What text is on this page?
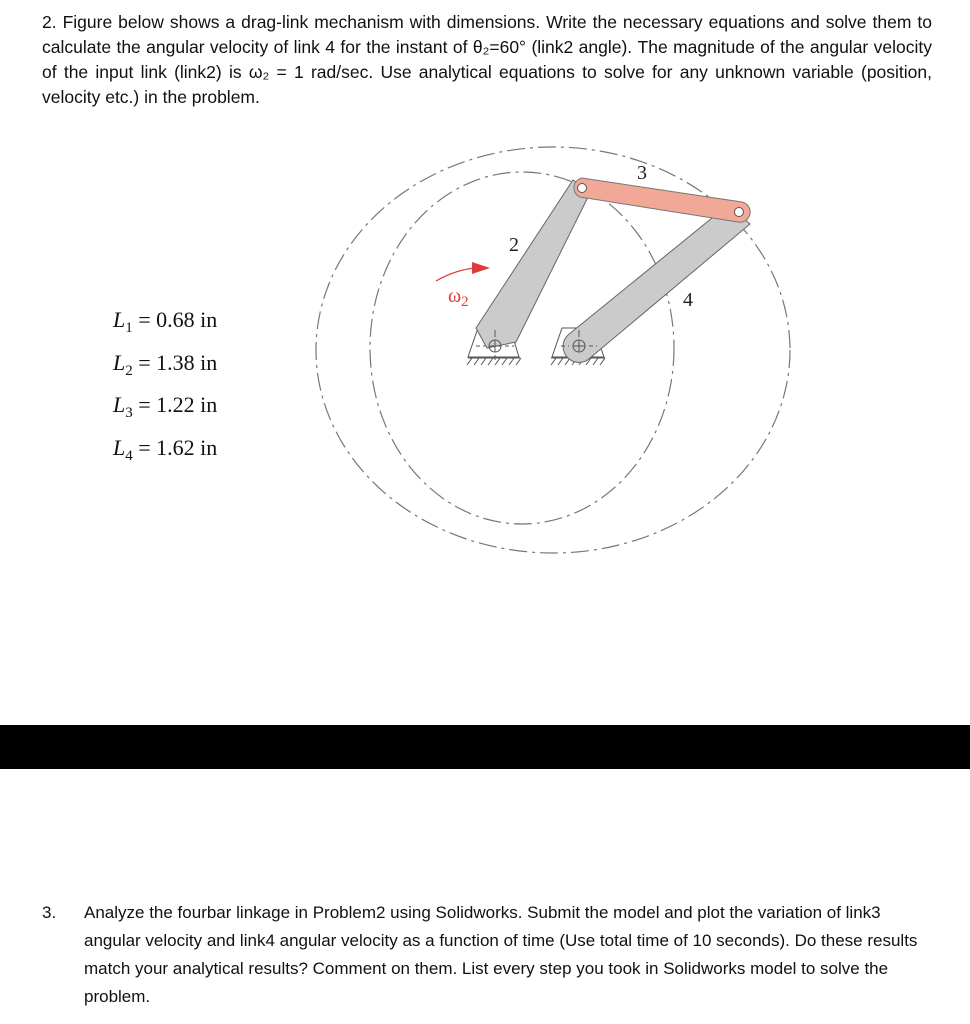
2. Figure below shows a drag-link mechanism with dimensions. Write the necessary equations and solve them to calculate the angular velocity of link 4 for the instant of θ₂=60° (link2 angle). The magnitude of the angular velocity of the input link (link2) is ω₂ = 1 rad/sec. Use analytical equations to solve for any unknown variable (position, velocity etc.) in the problem.
$\omega_2$
2
3
4
$L_1 = 0.68$ in
$L_2 = 1.38$ in
$L_3 = 1.22$ in
$L_4 = 1.62$ in
3. Analyze the fourbar linkage in Problem2 using Solidworks. Submit the model and plot the variation of link3 angular velocity and link4 angular velocity as a function of time (Use total time of 10 seconds). Do these results match your analytical results? Comment on them. List every step you took in Solidworks model to solve the problem.
